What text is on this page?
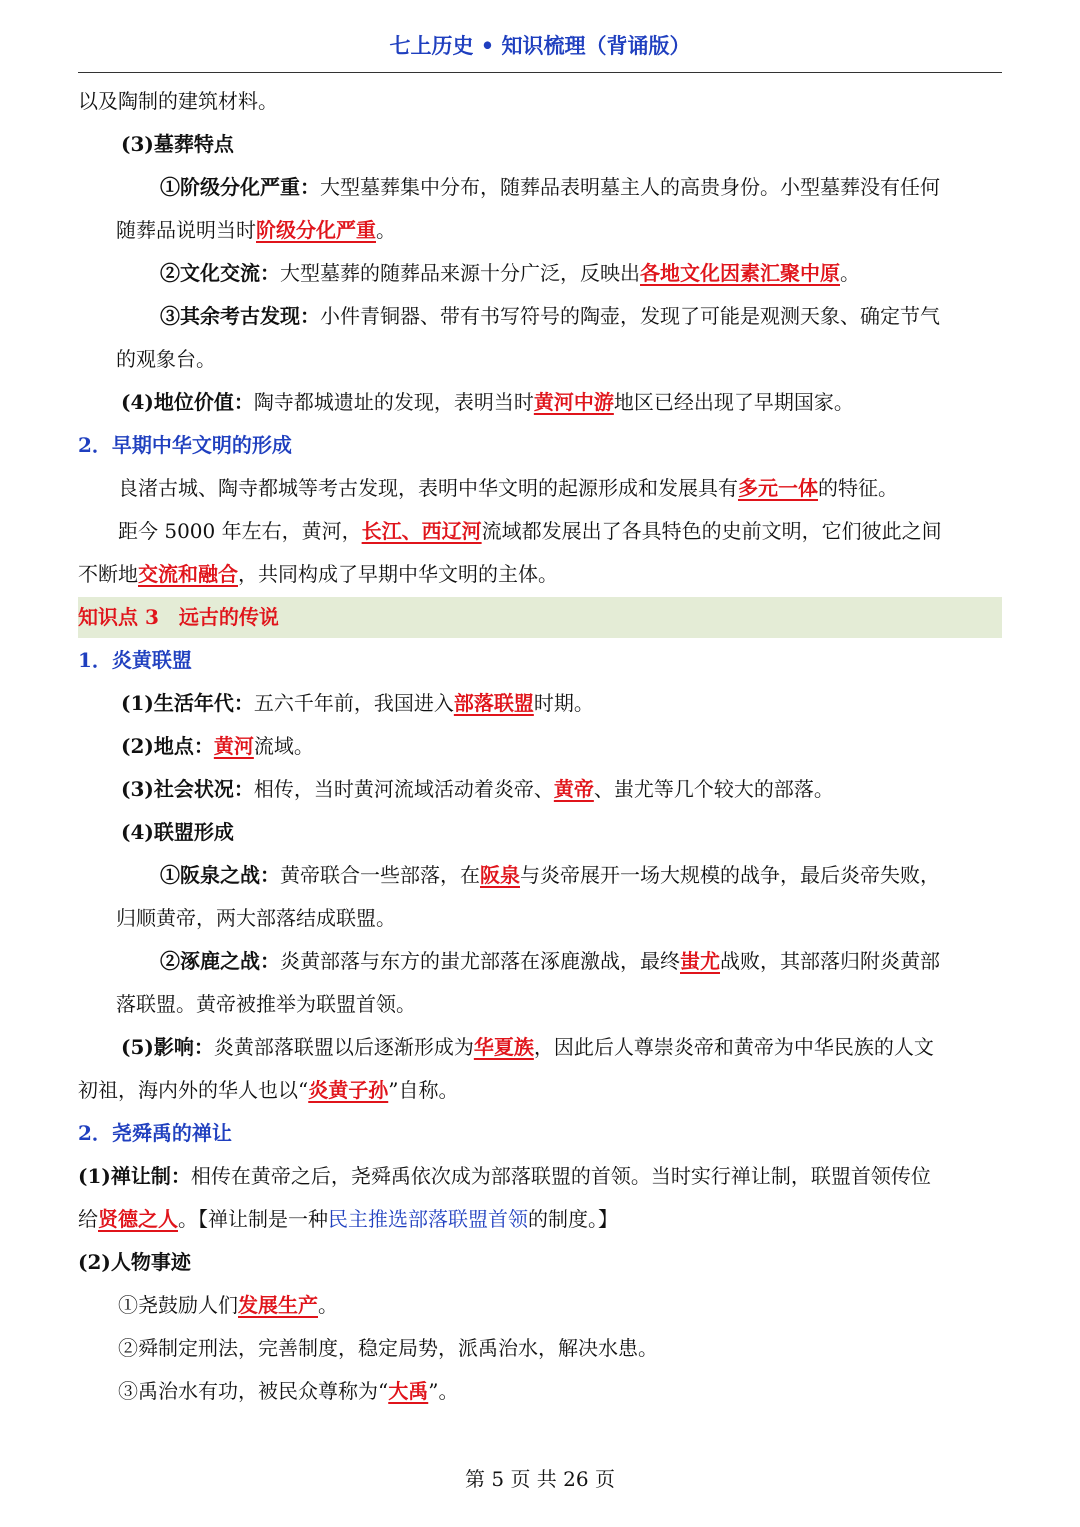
七上历史 • 知识梳理（背诵版）
以及陶制的建筑材料。
(3)墓葬特点
①阶级分化严重：大型墓葬集中分布，随葬品表明墓主人的高贵身份。小型墓葬没有任何
随葬品说明当时阶级分化严重。
②文化交流：大型墓葬的随葬品来源十分广泛，反映出各地文化因素汇聚中原。
③其余考古发现：小件青铜器、带有书写符号的陶壶，发现了可能是观测天象、确定节气
的观象台。
(4)地位价值：陶寺都城遗址的发现，表明当时黄河中游地区已经出现了早期国家。
2．早期中华文明的形成
良渚古城、陶寺都城等考古发现，表明中华文明的起源形成和发展具有多元一体的特征。
距今 5000 年左右，黄河，长江、西辽河流域都发展出了各具特色的史前文明，它们彼此之间
不断地交流和融合，共同构成了早期中华文明的主体。
知识点 3　远古的传说
1．炎黄联盟
(1)生活年代：五六千年前，我国进入部落联盟时期。
(2)地点：黄河流域。
(3)社会状况：相传，当时黄河流域活动着炎帝、黄帝、蚩尤等几个较大的部落。
(4)联盟形成
①阪泉之战：黄帝联合一些部落，在阪泉与炎帝展开一场大规模的战争，最后炎帝失败，
归顺黄帝，两大部落结成联盟。
②涿鹿之战：炎黄部落与东方的蚩尤部落在涿鹿激战，最终蚩尤战败，其部落归附炎黄部
落联盟。黄帝被推举为联盟首领。
(5)影响：炎黄部落联盟以后逐渐形成为华夏族，因此后人尊崇炎帝和黄帝为中华民族的人文
初祖，海内外的华人也以“炎黄子孙”自称。
2．尧舜禹的禅让
(1)禅让制：相传在黄帝之后，尧舜禹依次成为部落联盟的首领。当时实行禅让制，联盟首领传位
给贤德之人。【禅让制是一种民主推选部落联盟首领的制度。】
(2)人物事迹
①尧鼓励人们发展生产。
②舜制定刑法，完善制度，稳定局势，派禹治水，解决水患。
③禹治水有功，被民众尊称为“大禹”。
第 5 页 共 26 页
